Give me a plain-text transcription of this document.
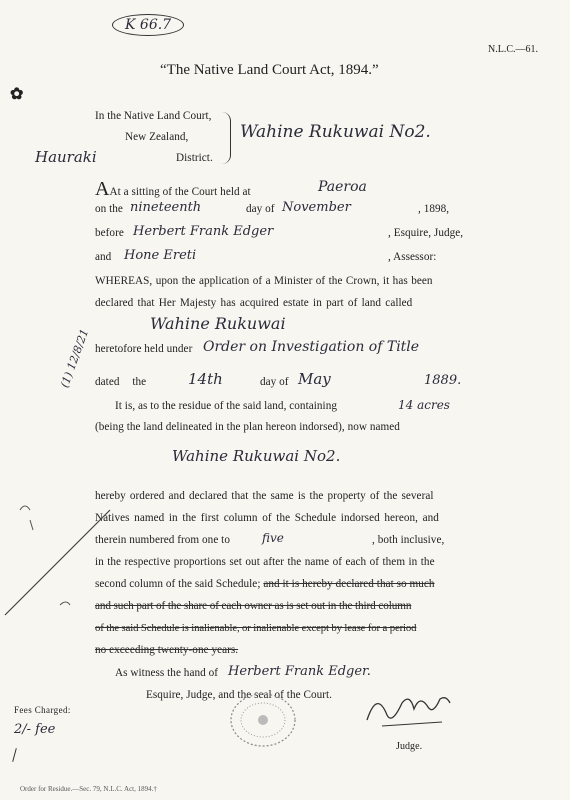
K 66.7
N.L.C.—61.
“The Native Land Court Act, 1894.”
✿
In the Native Land Court,
New Zealand,
Hauraki	District.
Wahine Rukuwai No2.
AAt a sitting of the Court held at	Paeroa
on the nineteenth	day of November	, 1898,
before Herbert Frank Edger	, Esquire, Judge,
and Hone Ereti	, Assessor:
WHEREAS, upon the application of a Minister of the Crown, it has been
declared that Her Majesty has acquired estate in part of land called
Wahine Rukuwai
heretofore held under Order on Investigation of Title
dated the	14th	day of May	1889.
It is, as to the residue of the said land, containing	14 acres
(being the land delineated in the plan hereon indorsed), now named
(1) 12/8/21
Wahine Rukuwai No2.
hereby ordered and declared that the same is the property of the several
Natives named in the first column of the Schedule indorsed hereon, and
therein numbered from one to	five	, both inclusive,
in the respective proportions set out after the name of each of them in the
second column of the said Schedule; and it is hereby declared that so much
and such part of the share of each owner as is set out in the third column
of the said Schedule is inalienable, or inalienable except by lease for a period
no exceeding twenty-one years.
As witness the hand of Herbert Frank Edger.
Esquire, Judge, and the seal of the Court.
Judge.
Fees Charged:
2/- fee
Order for Residue.—Sec. 79, N.L.C. Act, 1894.†
